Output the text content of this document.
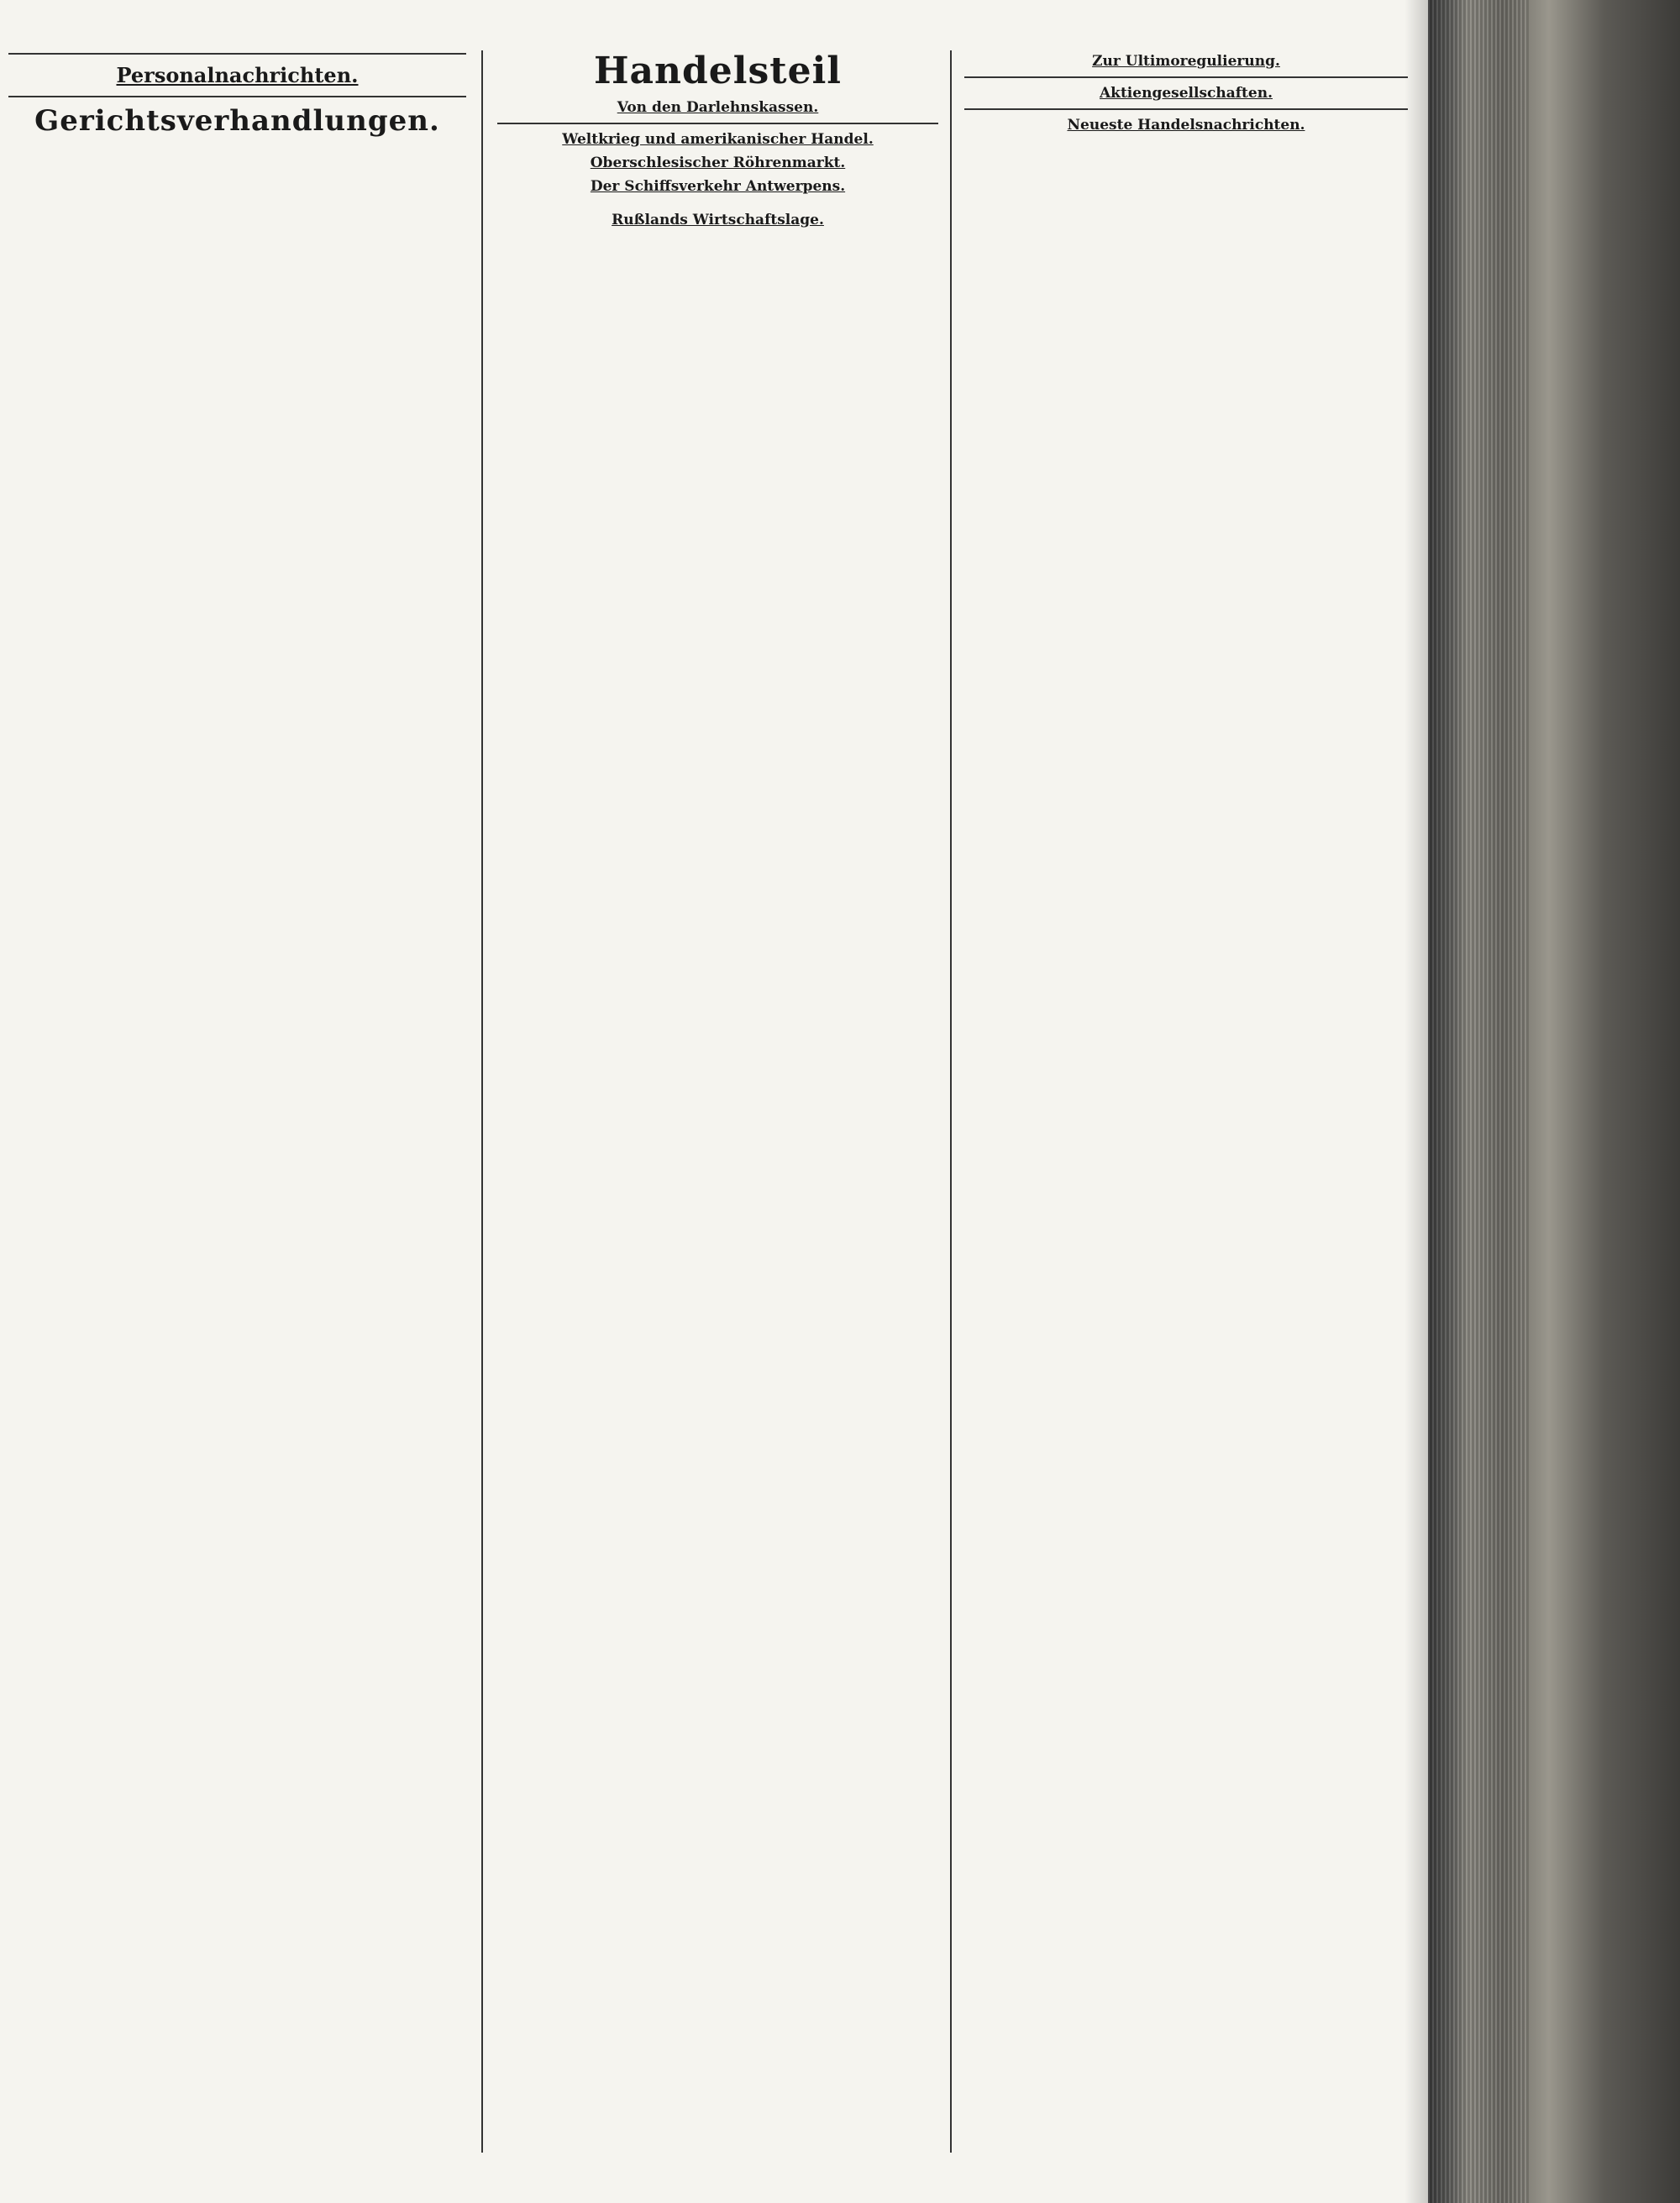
Personalnachrichten.

Gerichtsverhandlungen.

Handelsteil
Von den Darlehnskassen.

Weltkrieg und amerikanischer Handel.

Oberschlesischer Röhrenmarkt.

Der Schiffsverkehr Antwerpens.

Rußlands Wirtschaftslage.

Zur Ultimoregulierung.

Aktiengesellschaften.
Neueste Handelsnachrichten.
